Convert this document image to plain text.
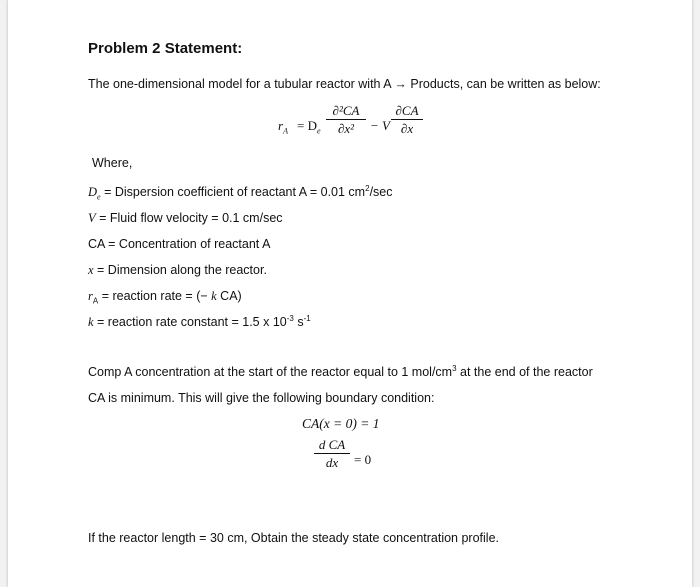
Problem 2 Statement:
The one-dimensional model for a tubular reactor with A → Products, can be written as below:
$r_A = D_e$
∂²CA
∂x²	− V
∂CA
∂x
Where,
$D_e$ = Dispersion coefficient of reactant A = 0.01 $cm^2/\sec$
V = Fluid flow velocity = 0.1 cm/sec
CA = Concentration of reactant A
x = Dimension along the reactor.
$r_A$ = reaction rate = (− k CA)
k = reaction rate constant = 1.5 x $10^{-3}$ $s^{-1}$
Comp A concentration at the start of the reactor equal to 1 mol/$cm^3$ at the end of the reactor
CA is minimum. This will give the following boundary condition:
CA(x = 0) = 1
d CA
dx	= 0
If the reactor length = 30 cm, Obtain the steady state concentration profile.
